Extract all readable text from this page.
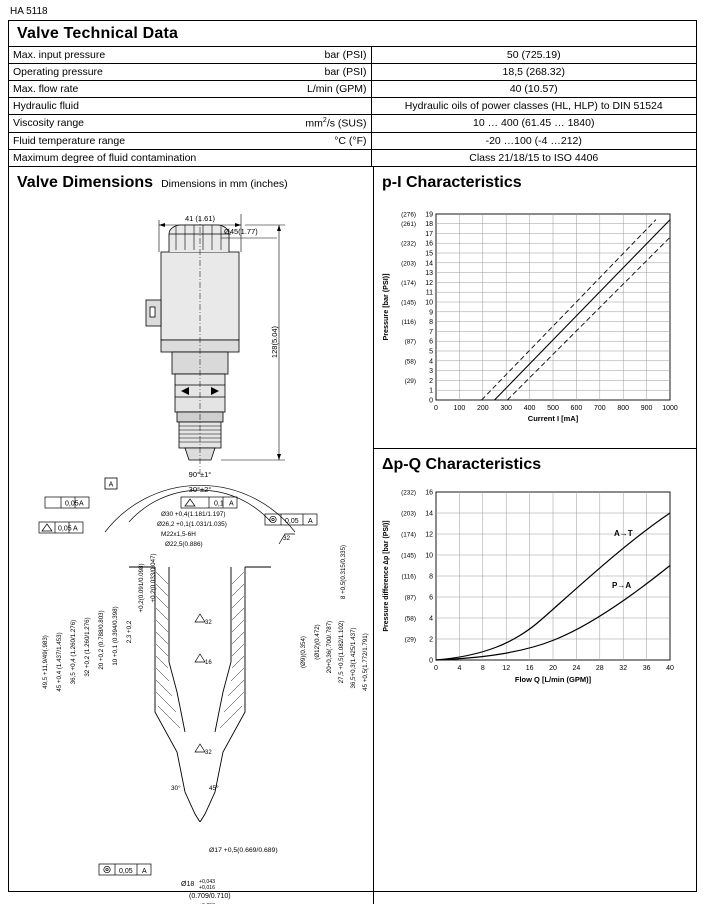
HA 5118
Valve Technical Data
Max. input pressure	bar (PSI)	50 (725.19)
Operating pressure	bar (PSI)	18,5 (268.32)
Max. flow rate	L/min (GPM)	40 (10.57)
Hydraulic fluid		Hydraulic oils of power classes (HL, HLP) to DIN 51524
Viscosity range	$mm^2/s$ (SUS)	10 … 400 (61.45 … 1840)
Fluid temperature range	°C (°F)	-20 …100 (-4 …212)
Maximum degree of fluid contamination		Class 21/18/15 to ISO 4406
Valve Dimensions Dimensions in mm (inches)	p-I Characteristics
41 (1.61)
Ø45(1.77)
128(5.04)
90°±1°
30°±2°
0,1 A
0,05 A
0,05 A
0,05 A
49,5 +11,9/49(.983) 45 +0,4 (1.437/1.453) 36,5 +0,4 (1.260/1.276) 32 +0,2 (1.260/1.276) 20 +0,2 (0.788/0.803) 10 +0,1 (0.394/0.398) 2,3 +0,2
+0,2(0.091/0.098) +0,2(0.033/0.047)	8 +0,5(0.315/0.335)
(Ø12)(0.472) 20+0,36(.700/.787) 27,5 +0,5(1.082/1.102) 36,5+0,3(1.425/1.437) 45 +0,5(1.772/1.791)
(Ø9)(0.354)
Ø30 +0,4(1.181/1.197)
Ø26,2 +0,1(1.031/1.035)
M22x1,5-6H
Ø22,5(0.886)
32
32
16
32
30°	45°
Ø17 +0,5(0.669/0.689)
0,05 A
Ø18 +0,043
+0,016
(0.709/0.710)
A
0 100 200 300 400 500 600 700 800 900 1000
Current I [mA]
0
1
2
3
4
5
6
7
8
9
10
11
12
13
14
15
16
17
18
19
(29)
(58)
(87)
(116)
(145)
(174)
(203)
(232)
(261)
(276)
Pressure [bar (PSI)]
Δp-Q Characteristics
A→T
P→A
0	4	8	12 16 20 24 28 32 36 40
Flow Q [L/min (GPM)]
0
2
4
6
8
10
12
14
16
(29)
(58)
(87)
(116)
(145)
(174)
(203)
(232)
Pressure difference ∆p [bar (PSI)]
